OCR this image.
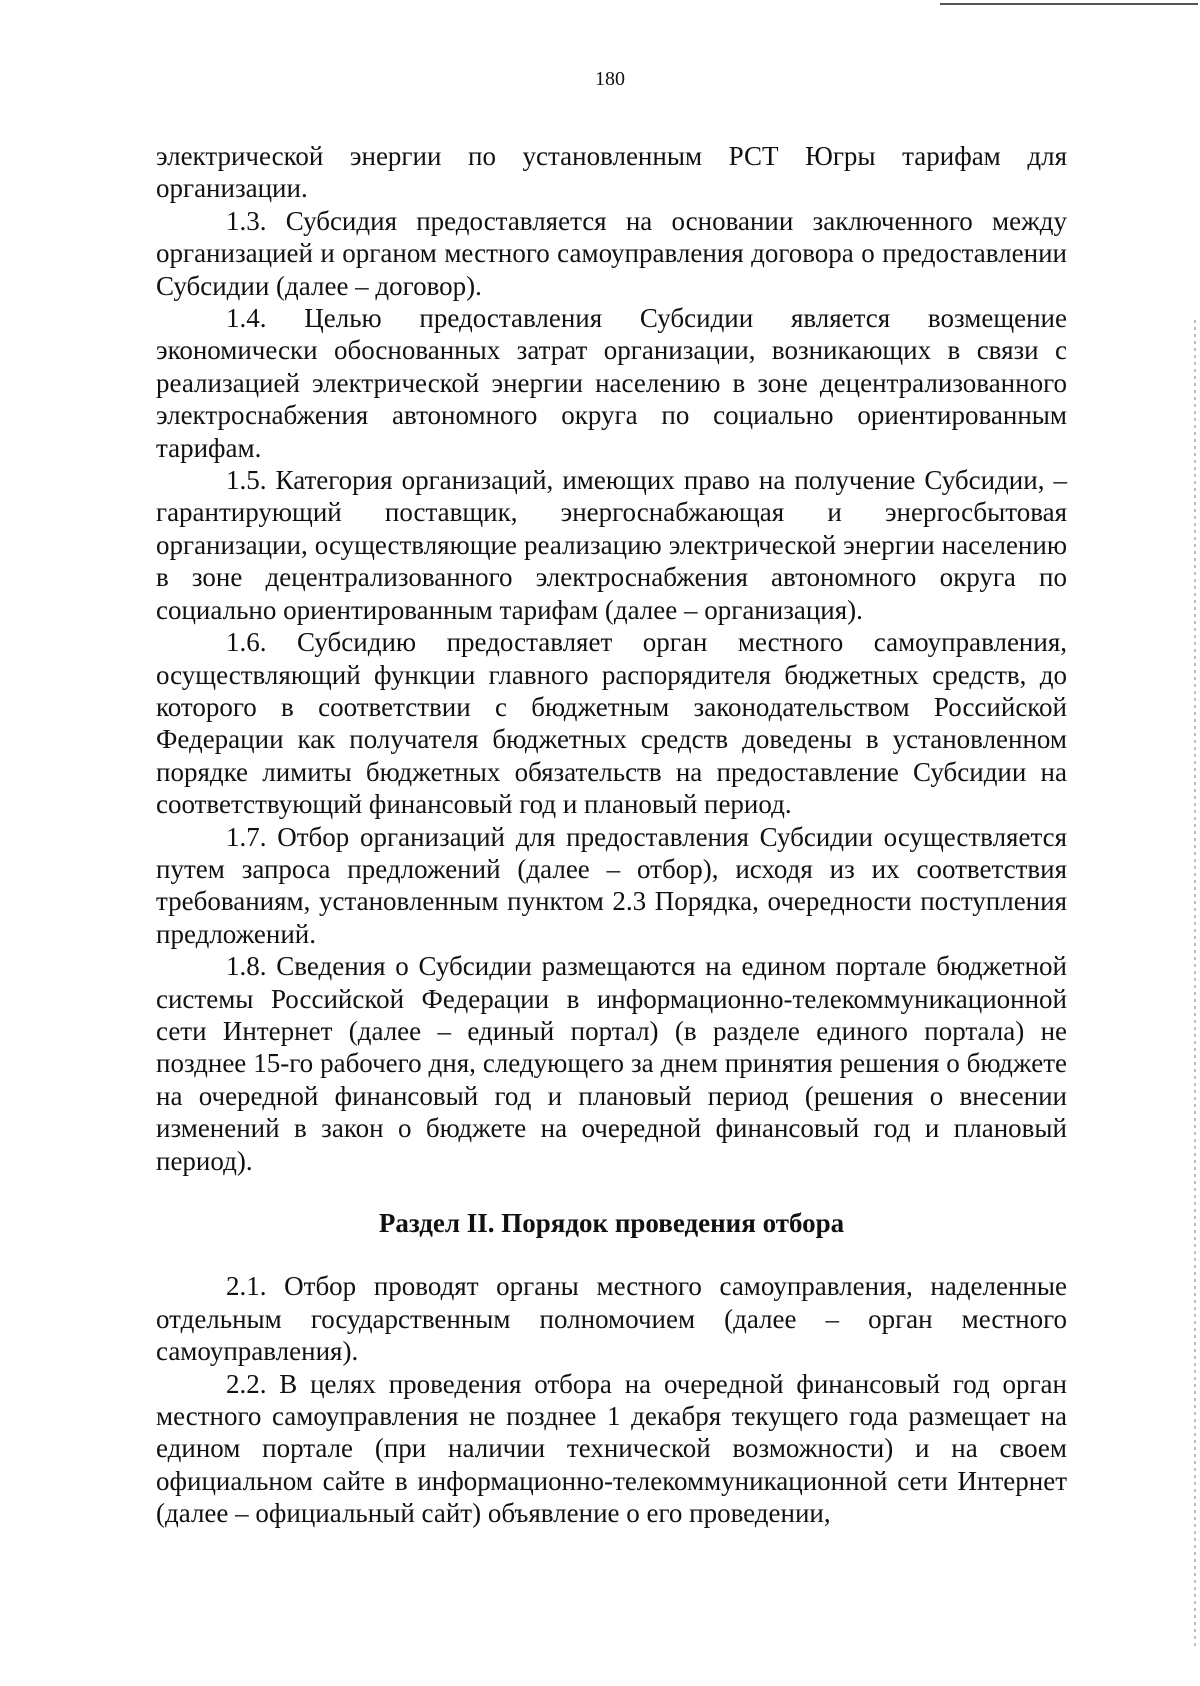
180

электрической энергии по установленным РСТ Югры тарифам для организации.

1.3. Субсидия предоставляется на основании заключенного между организацией и органом местного самоуправления договора о предоставлении Субсидии (далее – договор).

1.4. Целью предоставления Субсидии является возмещение экономически обоснованных затрат организации, возникающих в связи с реализацией электрической энергии населению в зоне децентрализованного электроснабжения автономного округа по социально ориентированным тарифам.

1.5. Категория организаций, имеющих право на получение Субсидии, – гарантирующий поставщик, энергоснабжающая и энергосбытовая организации, осуществляющие реализацию электрической энергии населению в зоне децентрализованного электроснабжения автономного округа по социально ориентированным тарифам (далее – организация).

1.6. Субсидию предоставляет орган местного самоуправления, осуществляющий функции главного распорядителя бюджетных средств, до которого в соответствии с бюджетным законодательством Российской Федерации как получателя бюджетных средств доведены в установленном порядке лимиты бюджетных обязательств на предоставление Субсидии на соответствующий финансовый год и плановый период.

1.7. Отбор организаций для предоставления Субсидии осуществляется путем запроса предложений (далее – отбор), исходя из их соответствия требованиям, установленным пунктом 2.3 Порядка, очередности поступления предложений.

1.8. Сведения о Субсидии размещаются на едином портале бюджетной системы Российской Федерации в информационно-телекоммуникационной сети Интернет (далее – единый портал) (в разделе единого портала) не позднее 15-го рабочего дня, следующего за днем принятия решения о бюджете на очередной финансовый год и плановый период (решения о внесении изменений в закон о бюджете на очередной финансовый год и плановый период).

Раздел II. Порядок проведения отбора

2.1. Отбор проводят органы местного самоуправления, наделенные отдельным государственным полномочием (далее – орган местного самоуправления).

2.2. В целях проведения отбора на очередной финансовый год орган местного самоуправления не позднее 1 декабря текущего года размещает на едином портале (при наличии технической возможности) и на своем официальном сайте в информационно-телекоммуникационной сети Интернет (далее – официальный сайт) объявление о его проведении,
